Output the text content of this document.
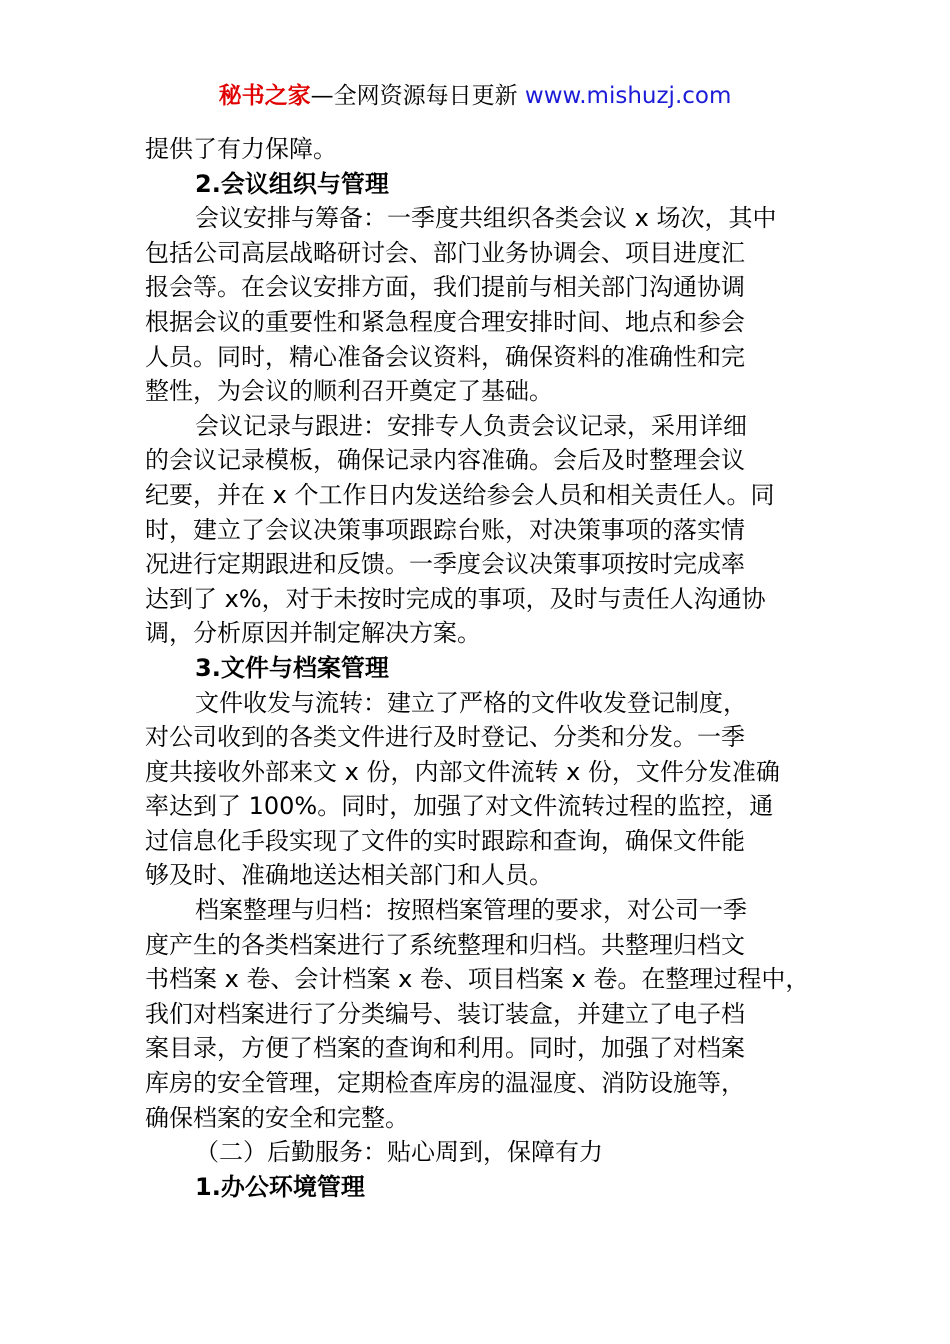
秘书之家—全网资源每日更新 www.mishuzj.com
提供了有力保障。
2.会议组织与管理
会议安排与筹备：一季度共组织各类会议 x 场次，其中
包括公司高层战略研讨会、部门业务协调会、项目进度汇
报会等。在会议安排方面，我们提前与相关部门沟通协调
根据会议的重要性和紧急程度合理安排时间、地点和参会
人员。同时，精心准备会议资料，确保资料的准确性和完
整性，为会议的顺利召开奠定了基础。
会议记录与跟进：安排专人负责会议记录，采用详细
的会议记录模板，确保记录内容准确。会后及时整理会议
纪要，并在 x 个工作日内发送给参会人员和相关责任人。同
时，建立了会议决策事项跟踪台账，对决策事项的落实情
况进行定期跟进和反馈。一季度会议决策事项按时完成率
达到了 x%，对于未按时完成的事项，及时与责任人沟通协
调，分析原因并制定解决方案。
3.文件与档案管理
文件收发与流转：建立了严格的文件收发登记制度，
对公司收到的各类文件进行及时登记、分类和分发。一季
度共接收外部来文 x 份，内部文件流转 x 份，文件分发准确
率达到了 100%。同时，加强了对文件流转过程的监控，通
过信息化手段实现了文件的实时跟踪和查询，确保文件能
够及时、准确地送达相关部门和人员。
档案整理与归档：按照档案管理的要求，对公司一季
度产生的各类档案进行了系统整理和归档。共整理归档文
书档案 x 卷、会计档案 x 卷、项目档案 x 卷。在整理过程中，
我们对档案进行了分类编号、装订装盒，并建立了电子档
案目录，方便了档案的查询和利用。同时，加强了对档案
库房的安全管理，定期检查库房的温湿度、消防设施等，
确保档案的安全和完整。
（二）后勤服务：贴心周到，保障有力
1.办公环境管理
